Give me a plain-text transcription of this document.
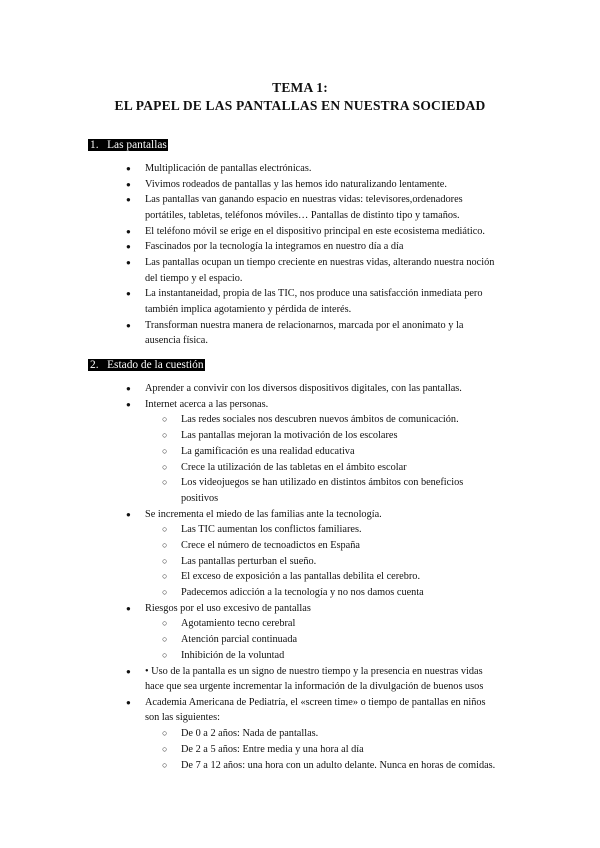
TEMA 1:
EL PAPEL DE LAS PANTALLAS EN NUESTRA SOCIEDAD
1.   Las pantallas
2.   Estado de la cuestión
● Multiplicación de pantallas electrónicas.
● Vivimos rodeados de pantallas y las hemos ido naturalizando lentamente.
● Las pantallas van ganando espacio en nuestras vidas: televisores,ordenadores
portátiles, tabletas, teléfonos móviles… Pantallas de distinto tipo y tamaños.
● El teléfono móvil se erige en el dispositivo principal en este ecosistema mediático.
● Fascinados por la tecnología la integramos en nuestro día a día
● Las pantallas ocupan un tiempo creciente en nuestras vidas, alterando nuestra noción
del tiempo y el espacio.
● La instantaneidad, propia de las TIC, nos produce una satisfacción inmediata pero
también implica agotamiento y pérdida de interés.
● Transforman nuestra manera de relacionarnos, marcada por el anonimato y la
ausencia física.
● Aprender a convivir con los diversos dispositivos digitales, con las pantallas.
● Internet acerca a las personas.
○ Las redes sociales nos descubren nuevos ámbitos de comunicación.
○ Las pantallas mejoran la motivación de los escolares
○ La gamificación es una realidad educativa
○ Crece la utilización de las tabletas en el ámbito escolar
○ Los videojuegos se han utilizado en distintos ámbitos con beneficios
positivos
● Se incrementa el miedo de las familias ante la tecnología.
○ Las TIC aumentan los conflictos familiares.
○ Crece el número de tecnoadictos en España
○ Las pantallas perturban el sueño.
○ El exceso de exposición a las pantallas debilita el cerebro.
○ Padecemos adicción a la tecnología y no nos damos cuenta
● Riesgos por el uso excesivo de pantallas
○ Agotamiento tecno cerebral
○ Atención parcial continuada
○ Inhibición de la voluntad
● • Uso de la pantalla es un signo de nuestro tiempo y la presencia en nuestras vidas
hace que sea urgente incrementar la información de la divulgación de buenos usos
● Academia Americana de Pediatría, el «screen time» o tiempo de pantallas en niños
son las siguientes:
○ De 0 a 2 años: Nada de pantallas.
○ De 2 a 5 años: Entre media y una hora al día
○ De 7 a 12 años: una hora con un adulto delante. Nunca en horas de comidas.
